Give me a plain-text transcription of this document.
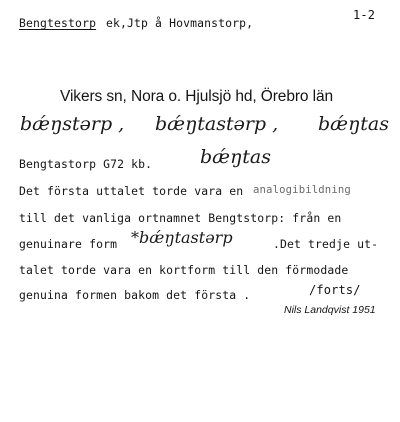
Bengtestorp ek,Jtp å Hovmanstorp,
1-2
Vikers sn, Nora o. Hjulsjö hd, Örebro län
bǽŋstərp , bǽŋtastərp , bǽŋtas
Bengtastorp G72 kb.	bǽŋtas
Det första uttalet torde vara en analogibildning
till det vanliga ortnamnet Bengtstorp: från en
genuinare form *bǽŋtastərp	.Det tredje ut-
talet torde vara en kortform till den förmodade
genuina formen bakom det första .	/forts/
Nils Landqvist 1951
